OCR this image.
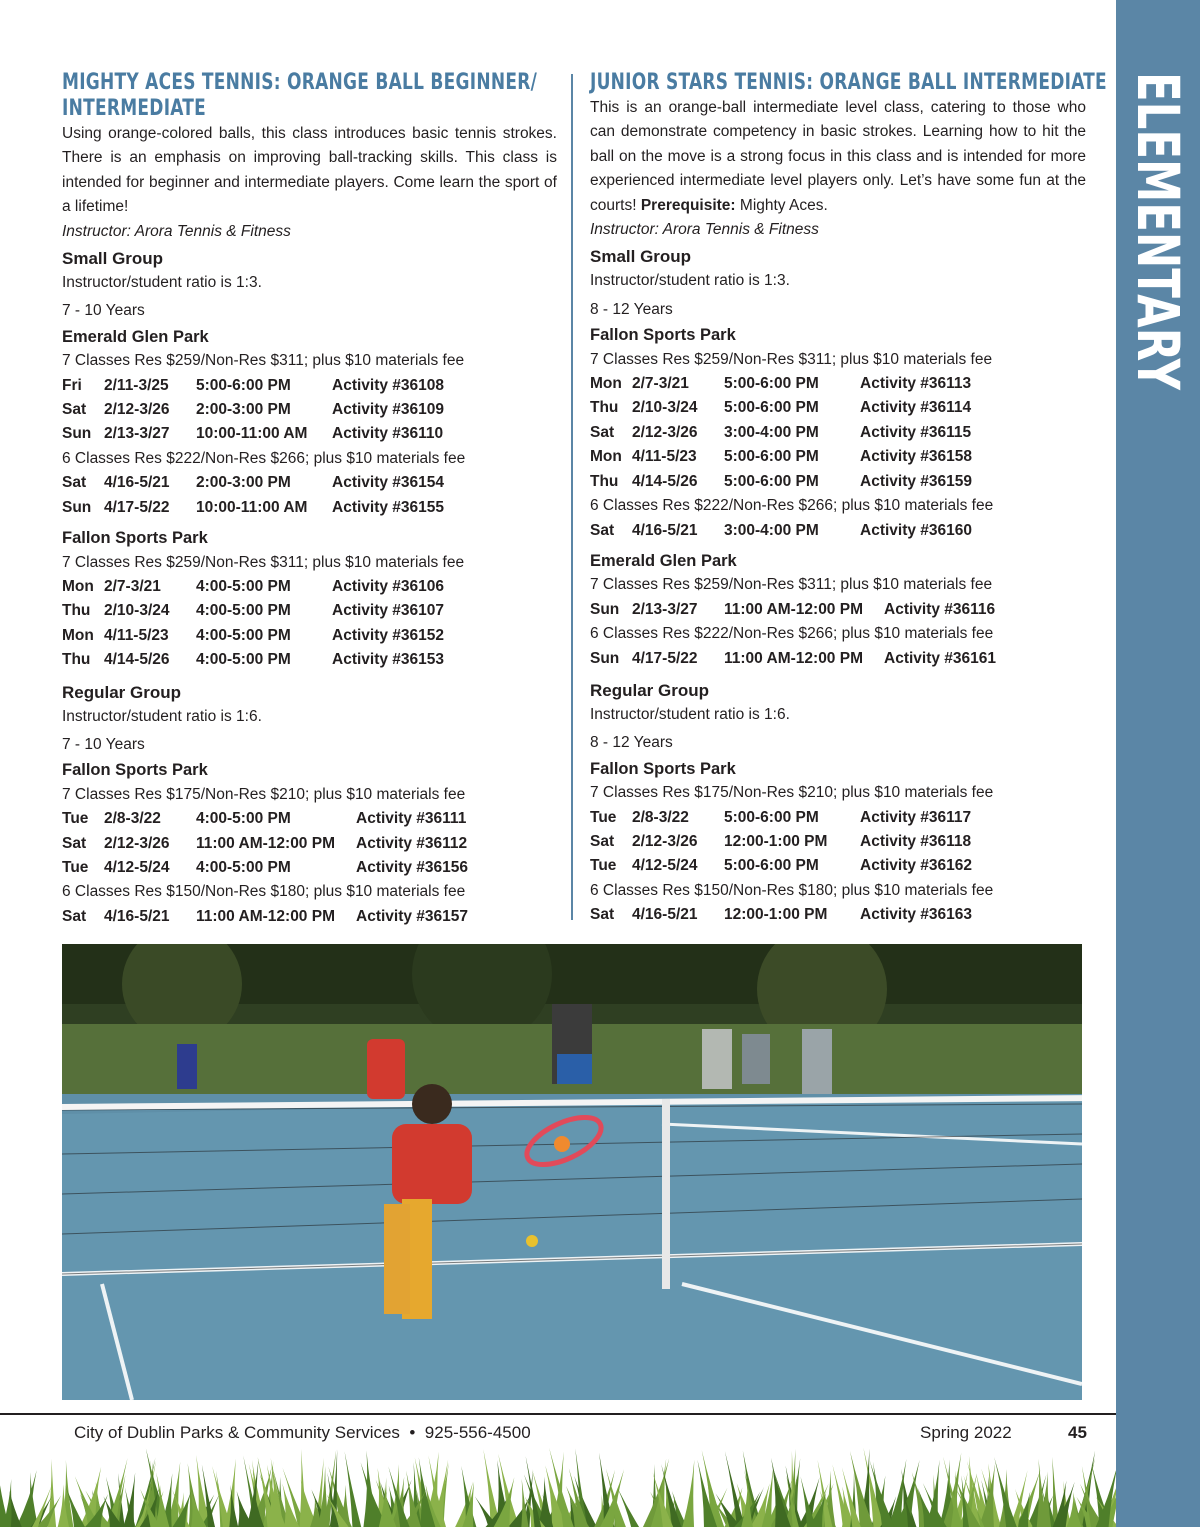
ELEMENTARY
MIGHTY ACES TENNIS: ORANGE BALL BEGINNER/
INTERMEDIATE

Using orange-colored balls, this class introduces basic tennis strokes. There is an emphasis on improving ball-tracking skills. This class is intended for beginner and intermediate players. Come learn the sport of a lifetime!

Instructor: Arora Tennis & Fitness

Small Group
Instructor/student ratio is 1:3.
7 - 10 Years
Emerald Glen Park
7 Classes Res $259/Non-Res $311; plus $10 materials fee
Fri 2/11-3/25 5:00-6:00 PM	Activity #36108
Sat 2/12-3/26 2:00-3:00 PM	Activity #36109
Sun 2/13-3/27 10:00-11:00 AM Activity #36110
6 Classes Res $222/Non-Res $266; plus $10 materials fee
Sat 4/16-5/21 2:00-3:00 PM	Activity #36154
Sun 4/17-5/22 10:00-11:00 AM Activity #36155
Fallon Sports Park
7 Classes Res $259/Non-Res $311; plus $10 materials fee
Mon 2/7-3/21 4:00-5:00 PM	Activity #36106
Thu 2/10-3/24 4:00-5:00 PM	Activity #36107
Mon 4/11-5/23 4:00-5:00 PM	Activity #36152
Thu 4/14-5/26 4:00-5:00 PM	Activity #36153
Regular Group
Instructor/student ratio is 1:6.
7 - 10 Years
Fallon Sports Park
7 Classes Res $175/Non-Res $210; plus $10 materials fee
Tue 2/8-3/22 4:00-5:00 PM	Activity #36111
Sat 2/12-3/26 11:00 AM-12:00 PM Activity #36112
Tue 4/12-5/24 4:00-5:00 PM	Activity #36156
6 Classes Res $150/Non-Res $180; plus $10 materials fee
Sat 4/16-5/21 11:00 AM-12:00 PM Activity #36157
JUNIOR STARS TENNIS: ORANGE BALL INTERMEDIATE

This is an orange-ball intermediate level class, catering to those who can demonstrate competency in basic strokes. Learning how to hit the ball on the move is a strong focus in this class and is intended for more experienced intermediate level players only. Let’s have some fun at the courts! Prerequisite: Mighty Aces.

Instructor: Arora Tennis & Fitness

Small Group
Instructor/student ratio is 1:3.
8 - 12 Years
Fallon Sports Park
7 Classes Res $259/Non-Res $311; plus $10 materials fee
Mon 2/7-3/21 5:00-6:00 PM	Activity #36113
Thu 2/10-3/24 5:00-6:00 PM	Activity #36114
Sat 2/12-3/26 3:00-4:00 PM	Activity #36115
Mon 4/11-5/23 5:00-6:00 PM	Activity #36158
Thu 4/14-5/26 5:00-6:00 PM	Activity #36159
6 Classes Res $222/Non-Res $266; plus $10 materials fee
Sat 4/16-5/21 3:00-4:00 PM	Activity #36160
Emerald Glen Park
7 Classes Res $259/Non-Res $311; plus $10 materials fee
Sun 2/13-3/27 11:00 AM-12:00 PM Activity #36116
6 Classes Res $222/Non-Res $266; plus $10 materials fee
Sun 4/17-5/22 11:00 AM-12:00 PM Activity #36161
Regular Group
Instructor/student ratio is 1:6.
8 - 12 Years
Fallon Sports Park
7 Classes Res $175/Non-Res $210; plus $10 materials fee
Tue 2/8-3/22 5:00-6:00 PM	Activity #36117
Sat 2/12-3/26 12:00-1:00 PM Activity #36118
Tue 4/12-5/24 5:00-6:00 PM	Activity #36162
6 Classes Res $150/Non-Res $180; plus $10 materials fee
Sat 4/16-5/21 12:00-1:00 PM Activity #36163
City of Dublin Parks & Community Services • 925-556-4500	Spring 2022	45
